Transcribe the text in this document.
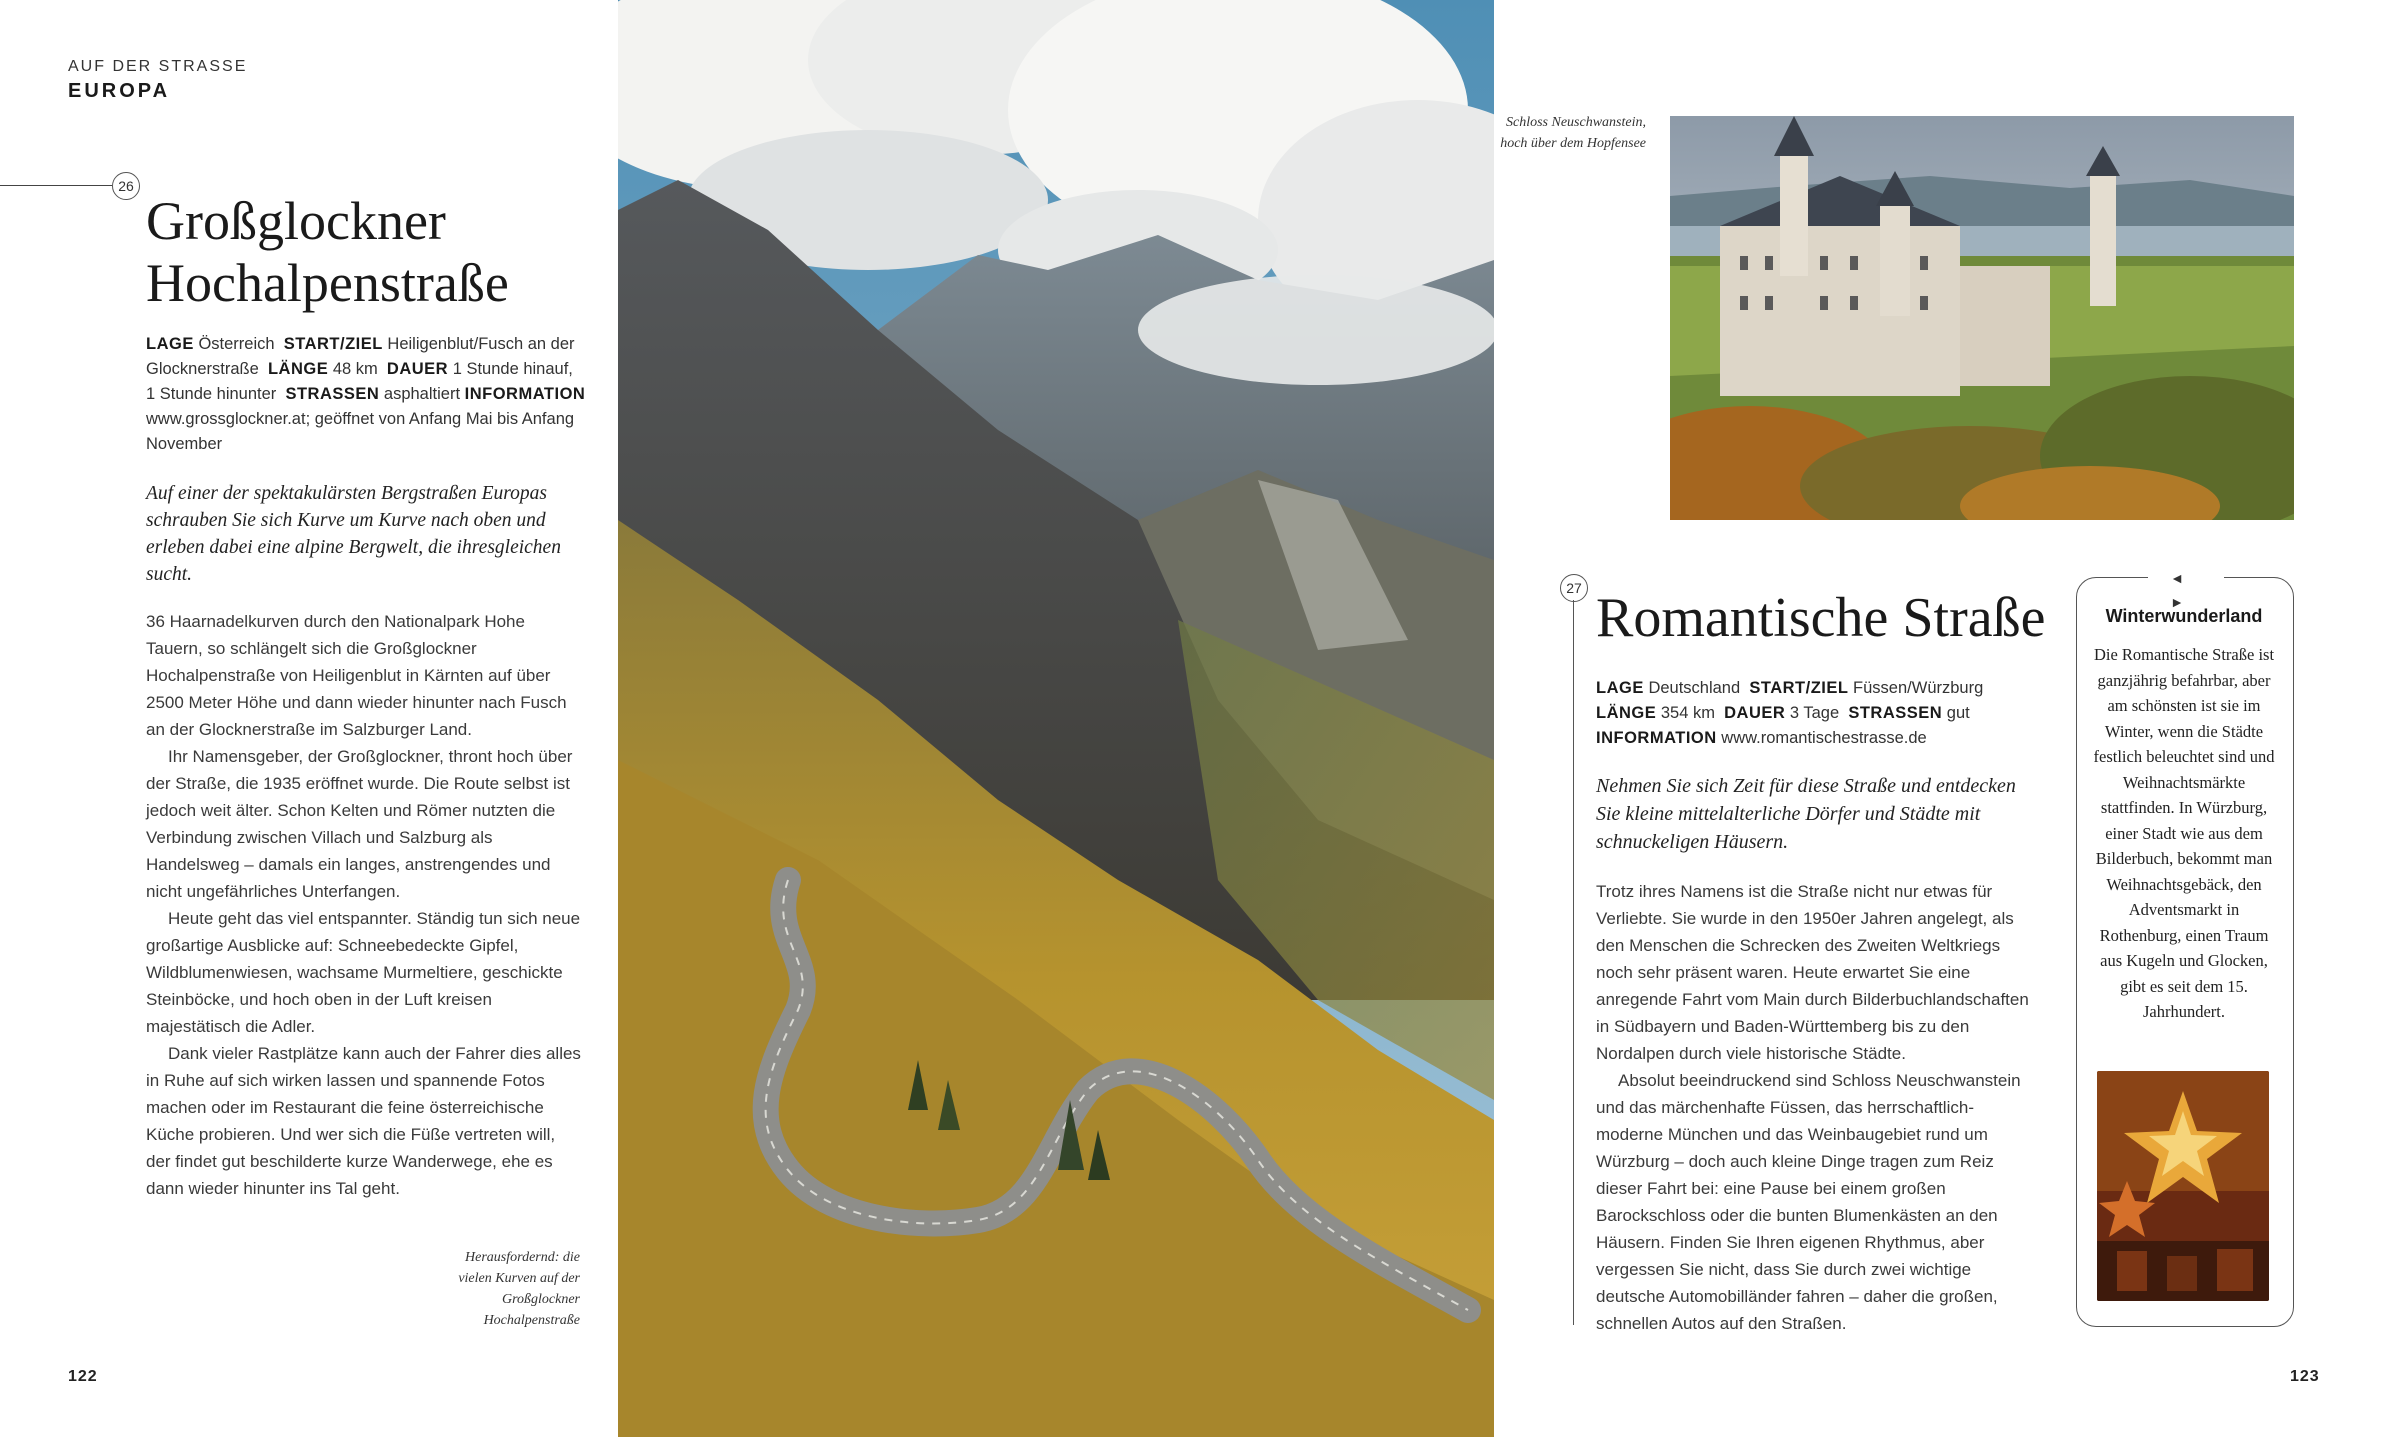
AUF DER STRASSE
EUROPA
26
Großglockner
Hochalpenstraße
LAGE Österreich START/ZIEL Heiligenblut/Fusch an der Glocknerstraße LÄNGE 48 km DAUER 1 Stunde hinauf, 1 Stunde hinunter STRASSEN asphaltiert INFORMATION www.grossglockner.at; geöffnet von Anfang Mai bis Anfang November
Auf einer der spektakulärsten Bergstraßen Europas schrauben Sie sich Kurve um Kurve nach oben und erleben dabei eine alpine Bergwelt, die ihresgleichen sucht.

36 Haarnadelkurven durch den Nationalpark Hohe Tauern, so schlängelt sich die Großglockner Hochalpenstraße von Heiligenblut in Kärnten auf über 2500 Meter Höhe und dann wieder hinunter nach Fusch an der Glocknerstraße im Salzburger Land.

Ihr Namensgeber, der Großglockner, thront hoch über der Straße, die 1935 eröffnet wurde. Die Route selbst ist jedoch weit älter. Schon Kelten und Römer nutzten die Verbindung zwischen Villach und Salzburg als Handelsweg – damals ein langes, anstrengendes und nicht ungefährliches Unterfangen.

Heute geht das viel entspannter. Ständig tun sich neue großartige Ausblicke auf: Schneebedeckte Gipfel, Wildblumenwiesen, wachsame Murmeltiere, geschickte Steinböcke, und hoch oben in der Luft kreisen majestätisch die Adler.

Dank vieler Rastplätze kann auch der Fahrer dies alles in Ruhe auf sich wirken lassen und spannende Fotos machen oder im Restaurant die feine österreichische Küche probieren. Und wer sich die Füße vertreten will, der findet gut beschilderte kurze Wanderwege, ehe es dann wieder hinunter ins Tal geht.

Herausfordernd: die vielen Kurven auf der Großglockner Hochalpenstraße
122
Schloss Neuschwanstein, hoch über dem Hopfensee
27 Romantische Straße
LAGE Deutschland START/ZIEL Füssen/Würzburg
LÄNGE 354 km DAUER 3 Tage STRASSEN gut
INFORMATION www.romantischestrasse.de
Nehmen Sie sich Zeit für diese Straße und entdecken Sie kleine mittelalterliche Dörfer und Städte mit schnuckeligen Häusern.

Trotz ihres Namens ist die Straße nicht nur etwas für Verliebte. Sie wurde in den 1950er Jahren angelegt, als den Menschen die Schrecken des Zweiten Weltkriegs noch sehr präsent waren. Heute erwartet Sie eine anregende Fahrt vom Main durch Bilderbuchlandschaften in Südbayern und Baden-Württemberg bis zu den Nordalpen durch viele historische Städte.

Absolut beeindruckend sind Schloss Neuschwanstein und das märchenhafte Füssen, das herrschaftlich-moderne München und das Weinbaugebiet rund um Würzburg – doch auch kleine Dinge tragen zum Reiz dieser Fahrt bei: eine Pause bei einem großen Barockschloss oder die bunten Blumenkästen an den Häusern. Finden Sie Ihren eigenen Rhythmus, aber vergessen Sie nicht, dass Sie durch zwei wichtige deutsche Automobilländer fahren – daher die großen, schnellen Autos auf den Straßen.

◄ ►
Winterwunderland
Die Romantische Straße ist ganzjährig befahrbar, aber am schönsten ist sie im Winter, wenn die Städte festlich beleuchtet sind und Weihnachtsmärkte stattfinden. In Würzburg, einer Stadt wie aus dem Bilderbuch, bekommt man Weihnachtsgebäck, den Adventsmarkt in Rothenburg, einen Traum aus Kugeln und Glocken, gibt es seit dem 15. Jahrhundert.
123
